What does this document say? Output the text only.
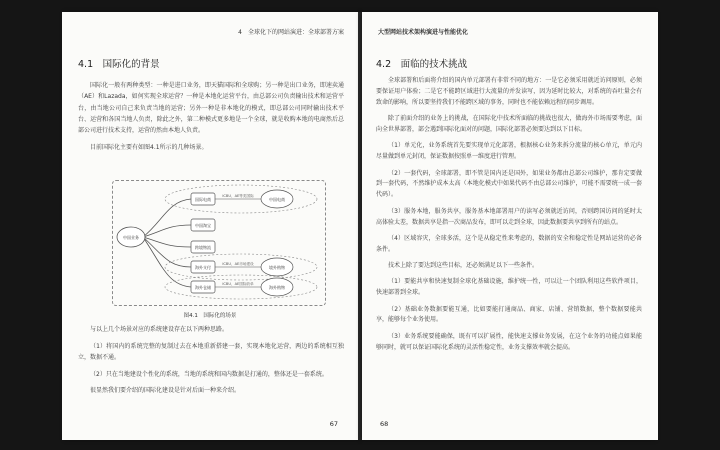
4　全球化下的网站演进：全球部署方案
4.1　国际化的背景

国际化一般有两种类型：一种是进口业务，即天猫国际和全球购；另一种是出口业务，即速卖通（AE）和Lazada，如何实现全球运营？一种是本地化运营平台，由总部公司负责输出技术和运营平台，由当地公司自己来负责当地的运营；另外一种是非本地化的模式，即总部公司同时输出技术平台、运营和各国当地人负责，除此之外，第二种模式更多地是一个全球，就是收购本地的电商然后总部公司进行技术支持，运营的然由本地人负责。

目前国际化主要有如图4.1所示的几种场景。

中国业务
国际电商
中国淘宝
跨境物流
海外支付
海外仓储
ICBU、AE等类国际
ICBU、AE市场建设
ICBU、AE国际收单
中国电商
境外购物
海外购物
图4.1　国际化的场景

与以上几个场景对应的系统建设存在以下两种思路。

（1）将国内的系统完整的复制过去在本地重新搭建一套，实现本地化运营，两边的系统相互独立，数据不通。

（2）只在当地建设个性化的系统，当地的系统和国内数据是打通的，整体还是一套系统。

很显然我们要介绍的国际化建设是针对后面一种来介绍。

67
大型网站技术架构演进与性能优化
4.2　面临的技术挑战

全球部署和后面将介绍的国内单元部署有非常不同的地方：一是它必须采用就近访问原则，必须要保证用户体验；二是它不能跨区域进行大流量的并发读写，因为延时比较大，对系统的吞吐量会有致命的影响，所以要坚持我们不能跨区域的事务，同时也不能依赖远程的同步调用。

除了前面介绍的业务上的挑战，在国际化中技术所面临的挑战也很大，做海外市场需要考虑，面向全世界部署，部会遇到国际化面对的问题，国际化部署必须要达到以下目标。

（1）单元化，业务系统首先要实现单元化部署，根据核心业务来拆分流量的核心单元，单元内尽量做到单元封闭，保证数据按照单一维度进行管理。

（2）一套代码，全球部署，即不管是国内还是国外，如果业务都由总部公司维护，那肯定要做到一套代码，不然维护成本太高（本地化模式中如果代码不由总部公司维护，可能不需要统一成一套代码）。

（3）服务本地，服务共享，服务基本地部署用户的读写必须就近访问，否则跨国访问的延时太高体验太差，数据共享是指一次商品发布，即可以走到全球，因此数据要共享到所有的站点。

（4）区域容灾，全球多活，这个是从稳定性来考虑的，数据的安全和稳定性是网站运营的必备条件。

技术上除了要达到这些目标，还必须满足以下一些条件。

（1）要能共享和快速复制全球化基础设施，维护统一性，可以让一个团队利用这些软件项目，快速部署到全球。

（2）基础业务数据要能互通，比如要能打通商品、商家、店铺、营销数据，整个数据要能共享，能够每个业务使用。

（3）业务系统要能确保，既有可以扩展性，能快速支撑业务发展，在这个业务的功能点如果能够同时，就可以保证国际化系统的灵活性稳定性，业务支撑效率就会提高。

68
